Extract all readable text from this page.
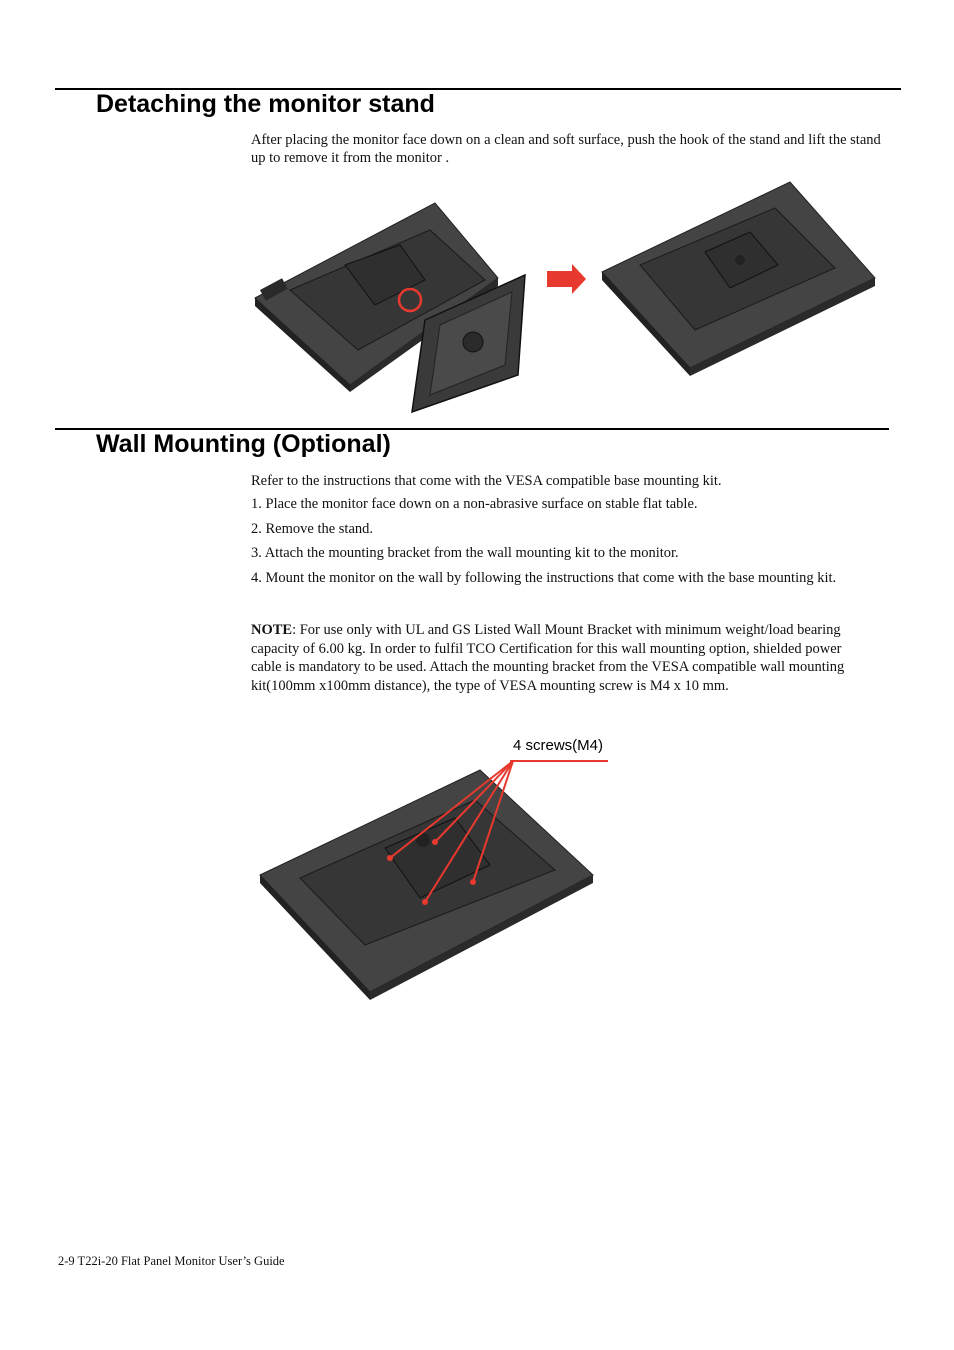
Detaching the monitor stand
After placing the monitor face down on a clean and soft surface, push the hook of the stand and lift the stand up to remove it from the monitor .
Wall Mounting (Optional)
Refer to the instructions that come with the VESA compatible base mounting kit.
1. Place the monitor face down on a non-abrasive surface on stable flat table.
2. Remove the stand.
3. Attach the mounting bracket from the wall mounting kit to the monitor.
4. Mount the monitor on the wall by following the instructions that come with the base mounting kit.
NOTE: For use only with UL and GS Listed Wall Mount Bracket with minimum weight/load bearing capacity of 6.00 kg. In order to fulfil TCO Certification for this wall mounting option, shielded power cable is mandatory to be used. Attach the mounting bracket from the VESA compatible wall mounting kit(100mm x100mm distance), the type of VESA mounting screw is M4 x 10 mm.
4 screws(M4)
2-9 T22i-20 Flat Panel Monitor User’s Guide
